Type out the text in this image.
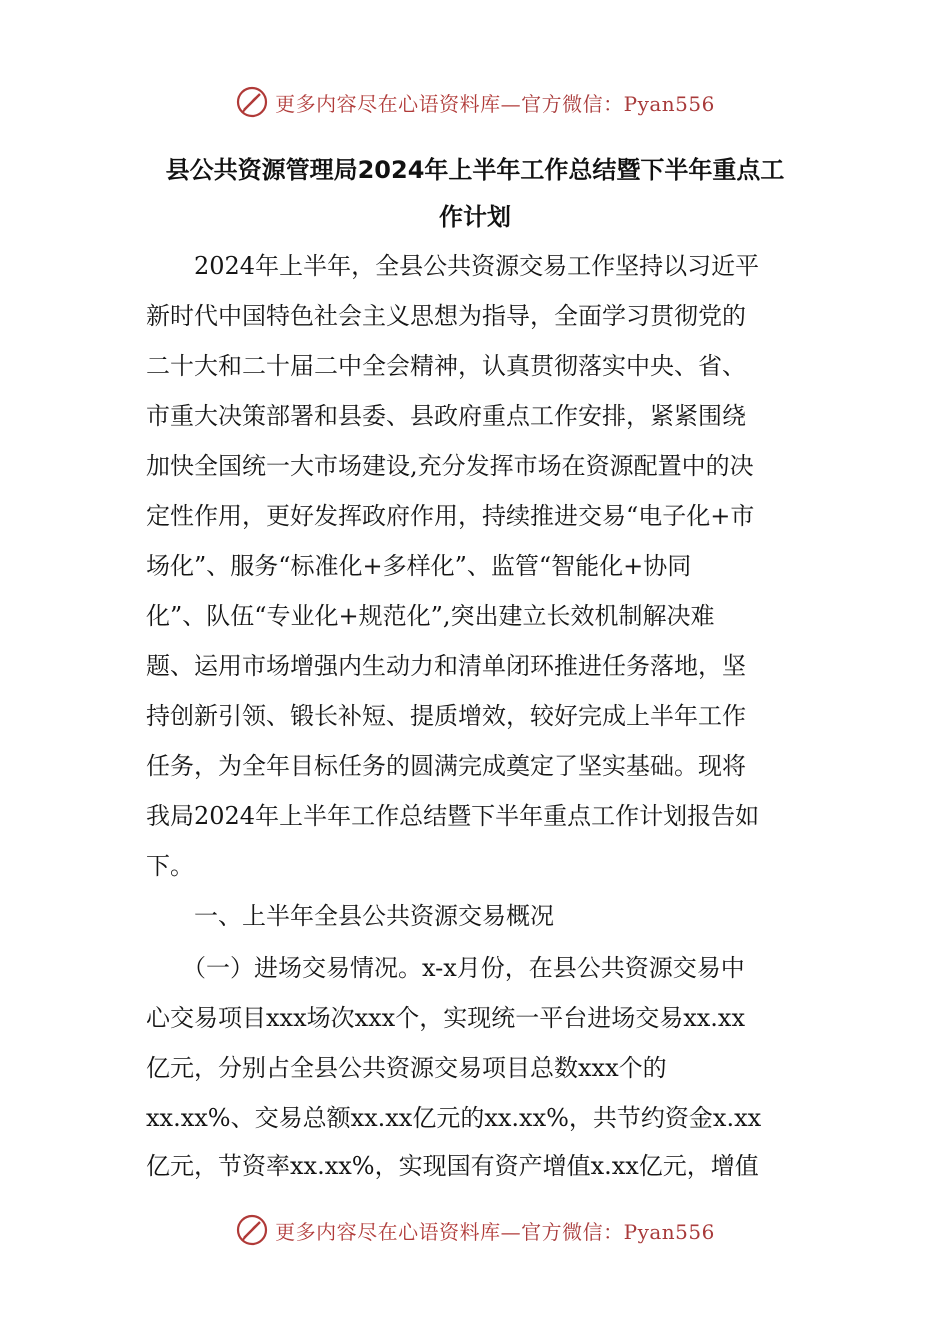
更多内容尽在心语资料库—官方微信：Pyan556
县公共资源管理局2024年上半年工作总结暨下半年重点工
作计划
　　2024年上半年，全县公共资源交易工作坚持以习近平
新时代中国特色社会主义思想为指导，全面学习贯彻党的
二十大和二十届二中全会精神，认真贯彻落实中央、省、
市重大决策部署和县委、县政府重点工作安排，紧紧围绕
加快全国统一大市场建设,充分发挥市场在资源配置中的决
定性作用，更好发挥政府作用，持续推进交易“电子化+市
场化”、服务“标准化+多样化”、监管“智能化+协同
化”、队伍“专业化+规范化”,突出建立长效机制解决难
题、运用市场增强内生动力和清单闭环推进任务落地，坚
持创新引领、锻长补短、提质增效，较好完成上半年工作
任务，为全年目标任务的圆满完成奠定了坚实基础。现将
我局2024年上半年工作总结暨下半年重点工作计划报告如
下。
　　一、上半年全县公共资源交易概况
　　（一）进场交易情况。x-x月份，在县公共资源交易中
心交易项目xxx场次xxx个，实现统一平台进场交易xx.xx
亿元，分别占全县公共资源交易项目总数xxx个的
xx.xx%、交易总额xx.xx亿元的xx.xx%，共节约资金x.xx
亿元，节资率xx.xx%，实现国有资产增值x.xx亿元，增值
更多内容尽在心语资料库—官方微信：Pyan556
